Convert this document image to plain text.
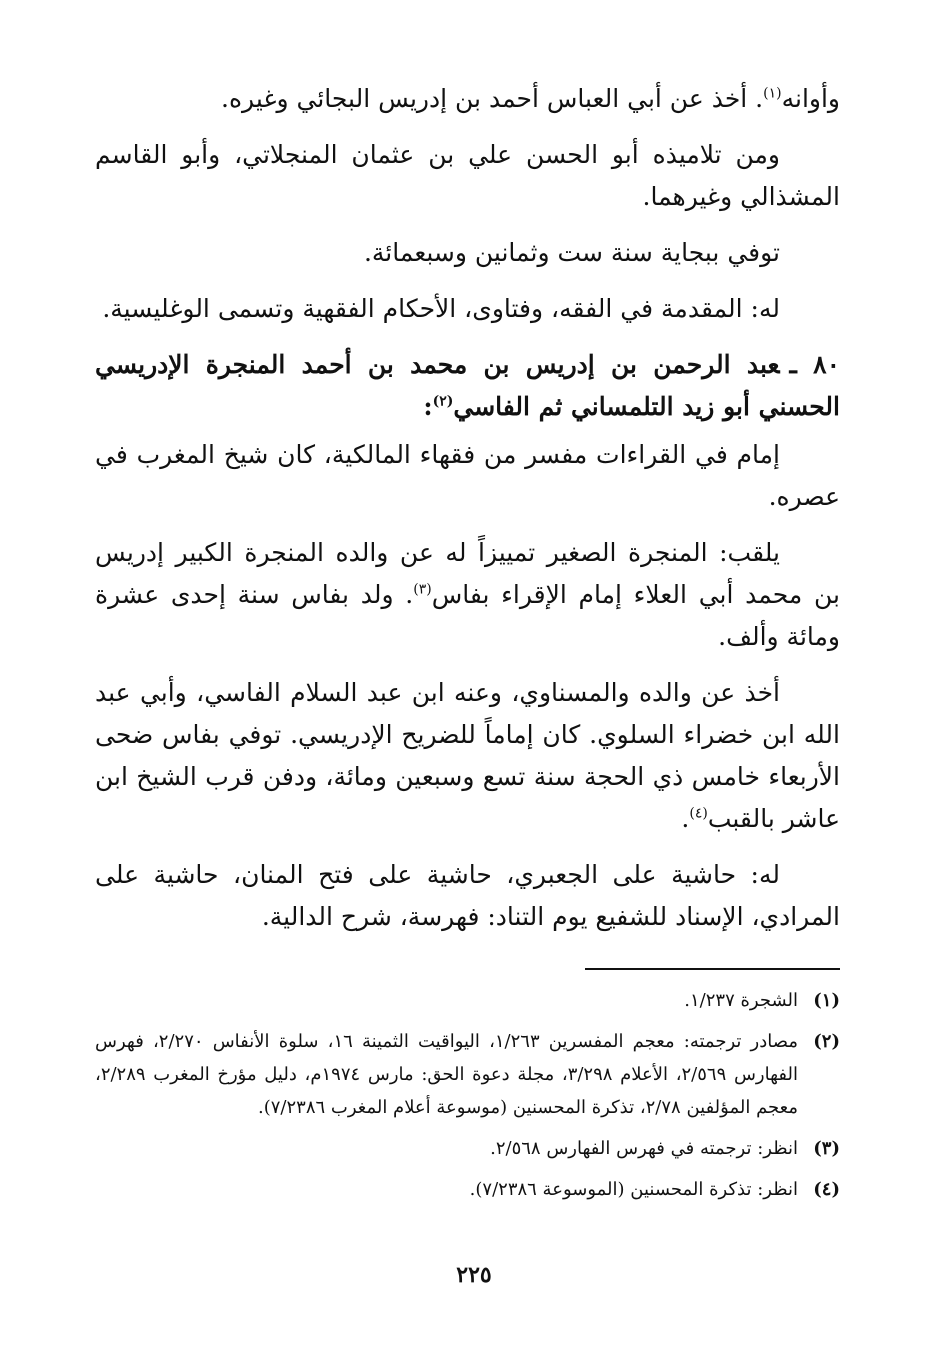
وأوانه$^{(١)}$. أخذ عن أبي العباس أحمد بن إدريس البجائي وغيره.

ومن تلاميذه أبو الحسن علي بن عثمان المنجلاتي، وأبو القاسم المشذالي وغيرهما.

توفي ببجاية سنة ست وثمانين وسبعمائة.

له: المقدمة في الفقه، وفتاوى، الأحكام الفقهية وتسمى الوغليسية.

٨٠ ـعبد الرحمن بن إدريس بن محمد بن أحمد المنجرة الإدريسي الحسني أبو زيد التلمساني ثم الفاسي$^{(٢)}$:

إمام في القراءات مفسر من فقهاء المالكية، كان شيخ المغرب في عصره.

يلقب: المنجرة الصغير تمييزاً له عن والده المنجرة الكبير إدريس بن محمد أبي العلاء إمام الإقراء بفاس$^{(٣)}$. ولد بفاس سنة إحدى عشرة ومائة وألف.

أخذ عن والده والمسناوي، وعنه ابن عبد السلام الفاسي، وأبي عبد الله ابن خضراء السلوي. كان إماماً للضريح الإدريسي. توفي بفاس ضحى الأربعاء خامس ذي الحجة سنة تسع وسبعين ومائة، ودفن قرب الشيخ ابن عاشر بالقبب$^{(٤)}$.

له: حاشية على الجعبري، حاشية على فتح المنان، حاشية على المرادي، الإسناد للشفيع يوم التناد: فهرسة، شرح الدالية.

(١)
الشجرة ١/٢٣٧.
(٢)
مصادر ترجمته: معجم المفسرين ١/٢٦٣، اليواقيت الثمينة ١٦، سلوة الأنفاس ٢/٢٧٠، فهرس الفهارس ٢/٥٦٩، الأعلام ٣/٢٩٨، مجلة دعوة الحق: مارس ١٩٧٤م، دليل مؤرخ المغرب ٢/٢٨٩، معجم المؤلفين ٢/٧٨، تذكرة المحسنين (موسوعة أعلام المغرب ٧/٢٣٨٦).
(٣)
انظر: ترجمته في فهرس الفهارس ٢/٥٦٨.
(٤)
انظر: تذكرة المحسنين (الموسوعة ٧/٢٣٨٦).
٢٢٥
